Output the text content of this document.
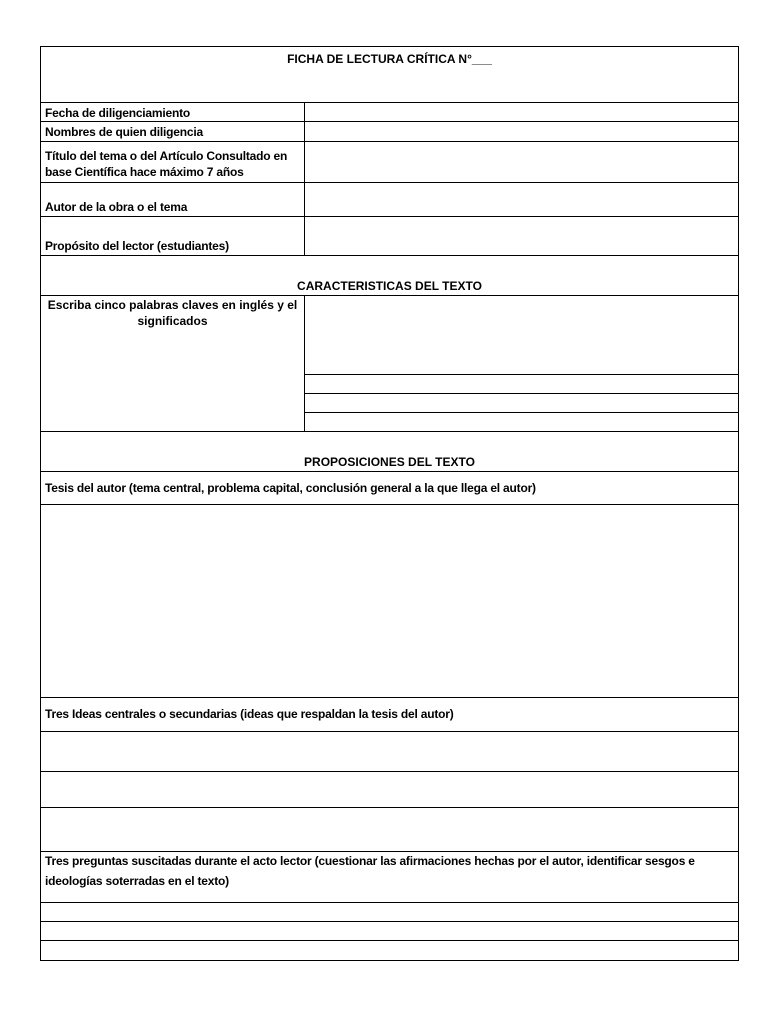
FICHA DE LECTURA CRÍTICA N°___
Fecha de diligenciamiento
Nombres de quien diligencia
Título del tema o del Artículo Consultado en
base Científica hace máximo 7 años
Autor de la obra o el tema
Propósito del lector (estudiantes)
CARACTERISTICAS DEL TEXTO
Escriba cinco palabras claves en inglés y el
significados
PROPOSICIONES DEL TEXTO
Tesis del autor (tema central, problema capital, conclusión general a la que llega el autor)
Tres Ideas centrales o secundarias (ideas que respaldan la tesis del autor)
Tres preguntas suscitadas durante el acto lector (cuestionar las afirmaciones hechas por el autor, identificar sesgos e
ideologías soterradas en el texto)
